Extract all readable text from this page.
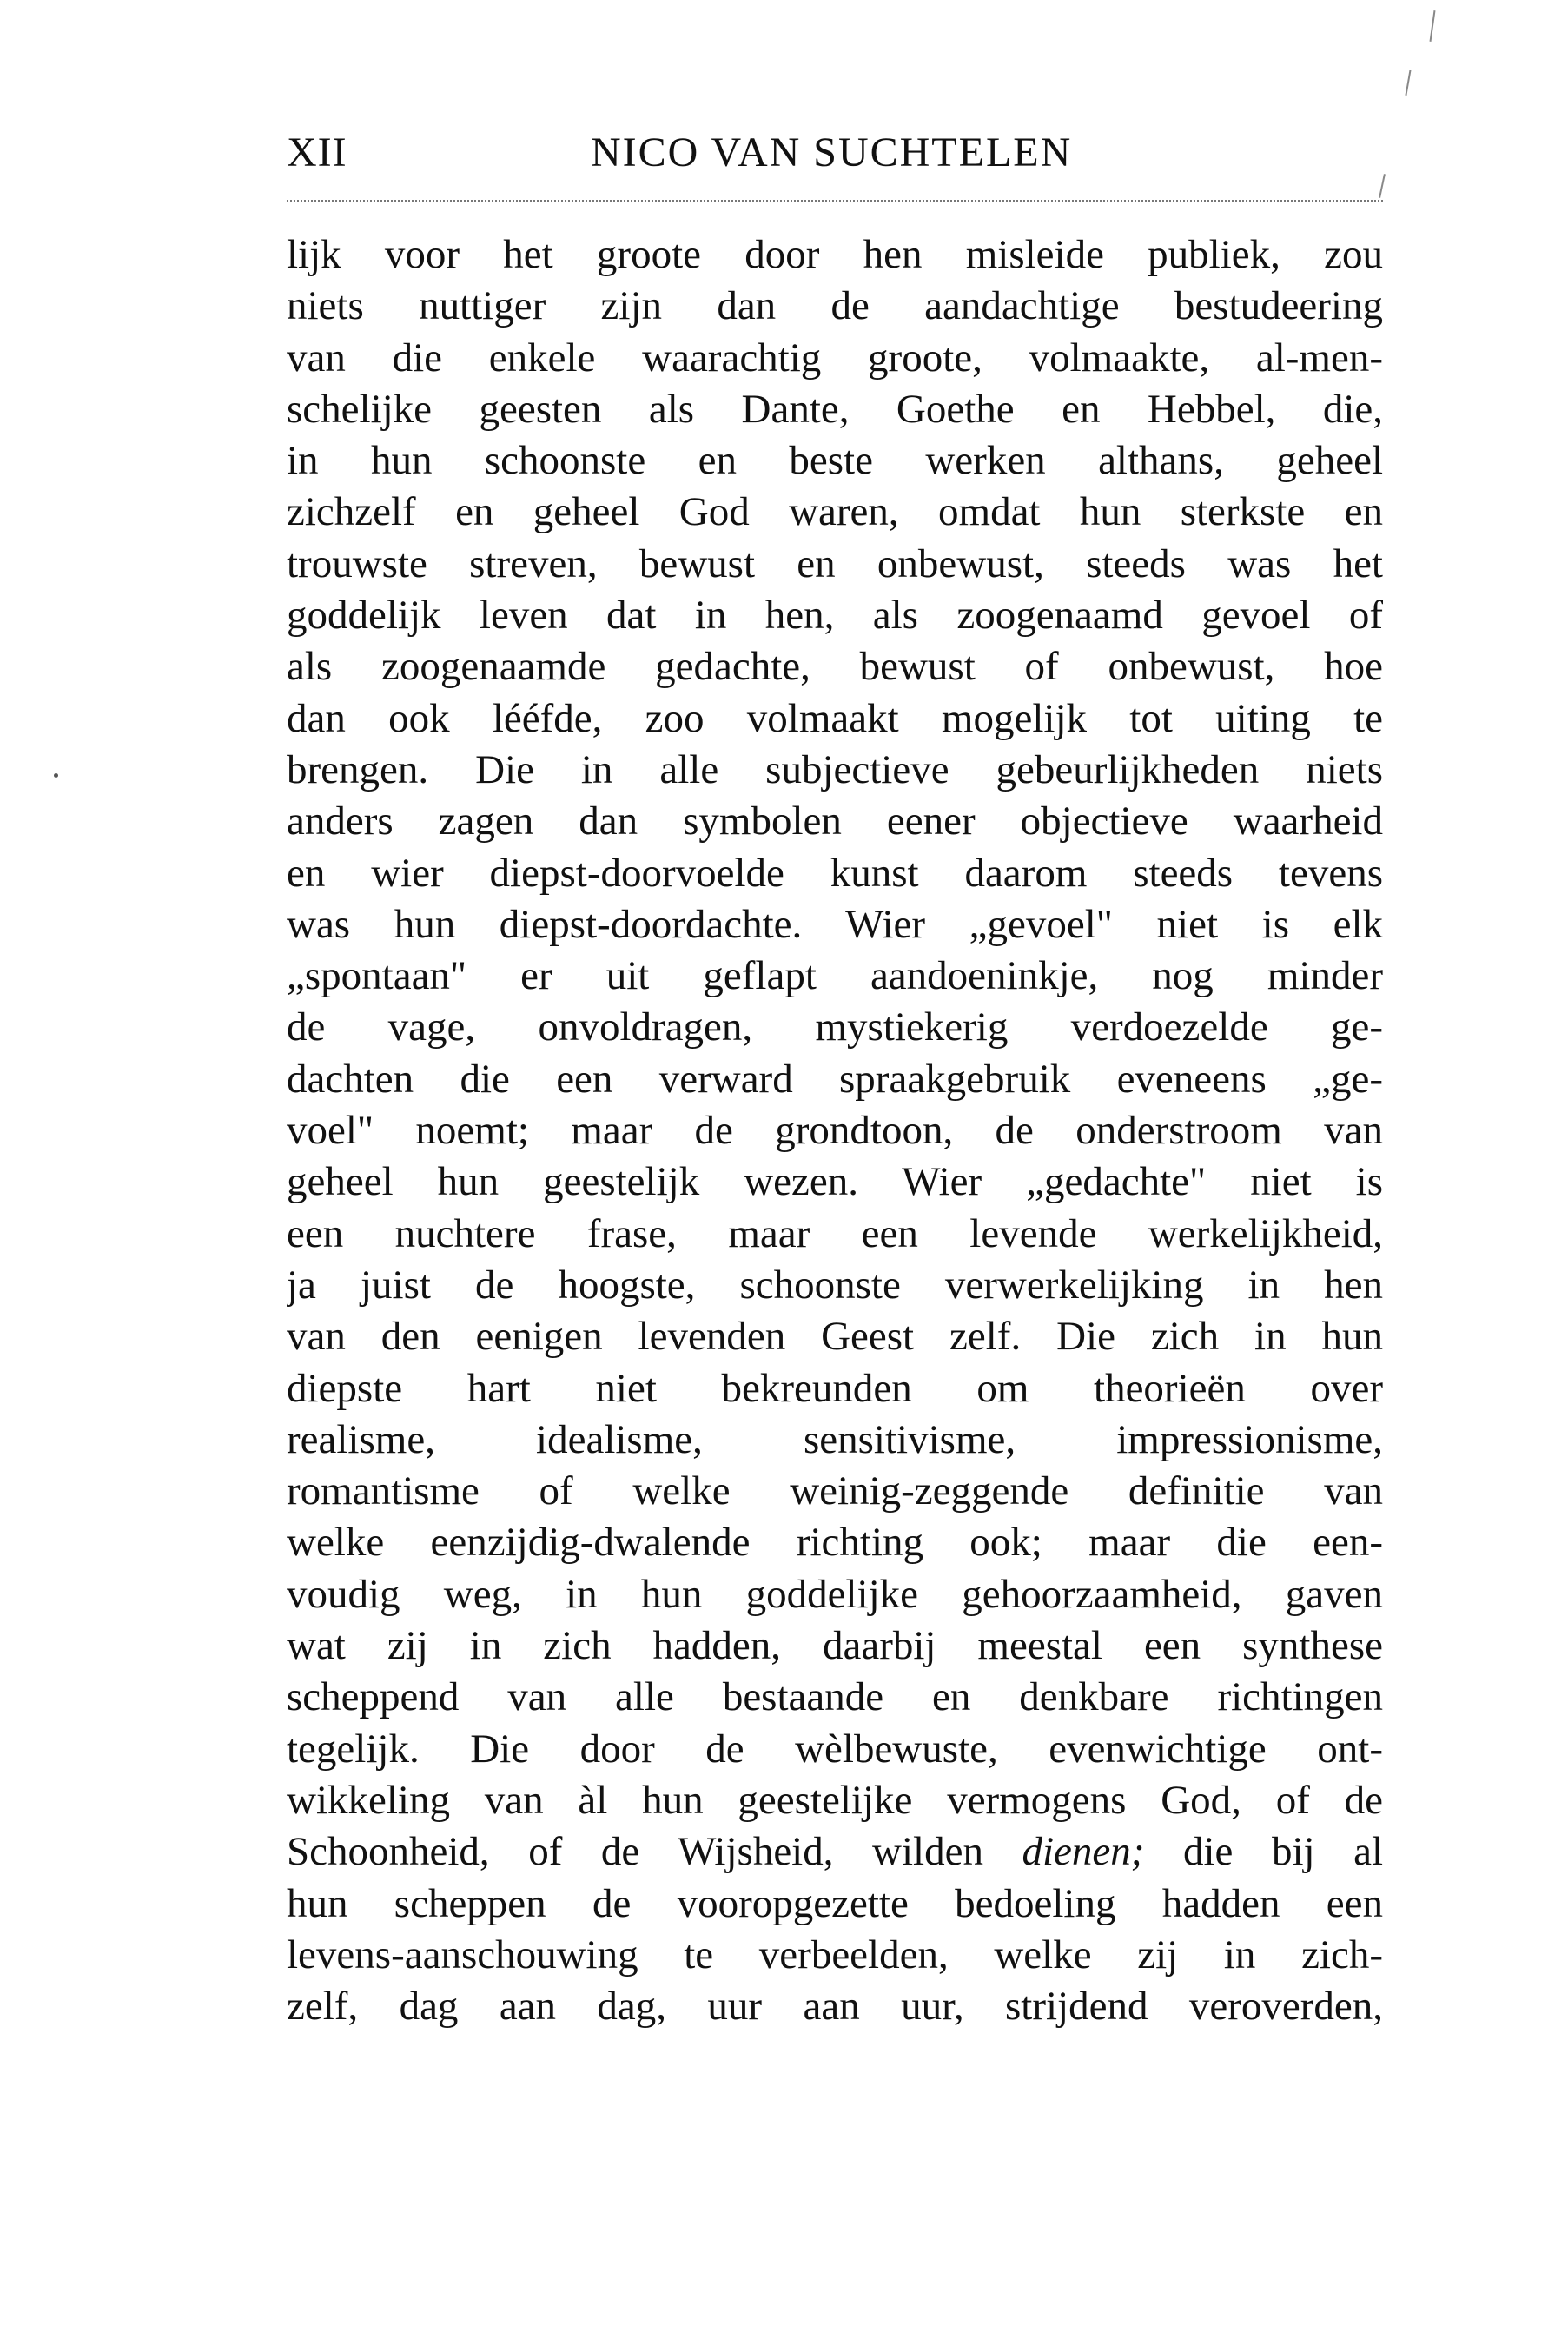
XII	NICO VAN SUCHTELEN
lijk voor het groote door hen misleide publiek, zou
niets nuttiger zijn dan de aandachtige bestudeering
van die enkele waarachtig groote, volmaakte, al-men-
schelijke geesten als Dante, Goethe en Hebbel, die,
in hun schoonste en beste werken althans, geheel
zichzelf en geheel God waren, omdat hun sterkste en
trouwste streven, bewust en onbewust, steeds was het
goddelijk leven dat in hen, als zoogenaamd gevoel of
als zoogenaamde gedachte, bewust of onbewust, hoe
dan ook lééfde, zoo volmaakt mogelijk tot uiting te
brengen. Die in alle subjectieve gebeurlijkheden niets
anders zagen dan symbolen eener objectieve waarheid
en wier diepst-doorvoelde kunst daarom steeds tevens
was hun diepst-doordachte. Wier „gevoel" niet is elk
„spontaan" er uit geflapt aandoeninkje, nog minder
de vage, onvoldragen, mystiekerig verdoezelde ge-
dachten die een verward spraakgebruik eveneens „ge-
voel" noemt; maar de grondtoon, de onderstroom van
geheel hun geestelijk wezen. Wier „gedachte" niet is
een nuchtere frase, maar een levende werkelijkheid,
ja juist de hoogste, schoonste verwerkelijking in hen
van den eenigen levenden Geest zelf. Die zich in hun
diepste hart niet bekreunden om theorieën over
realisme, idealisme, sensitivisme, impressionisme,
romantisme of welke weinig-zeggende definitie van
welke eenzijdig-dwalende richting ook; maar die een-
voudig weg, in hun goddelijke gehoorzaamheid, gaven
wat zij in zich hadden, daarbij meestal een synthese
scheppend van alle bestaande en denkbare richtingen
tegelijk. Die door de wèlbewuste, evenwichtige ont-
wikkeling van àl hun geestelijke vermogens God, of de
Schoonheid, of de Wijsheid, wilden dienen; die bij al
hun scheppen de vooropgezette bedoeling hadden een
levens-aanschouwing te verbeelden, welke zij in zich-
zelf, dag aan dag, uur aan uur, strijdend veroverden,
